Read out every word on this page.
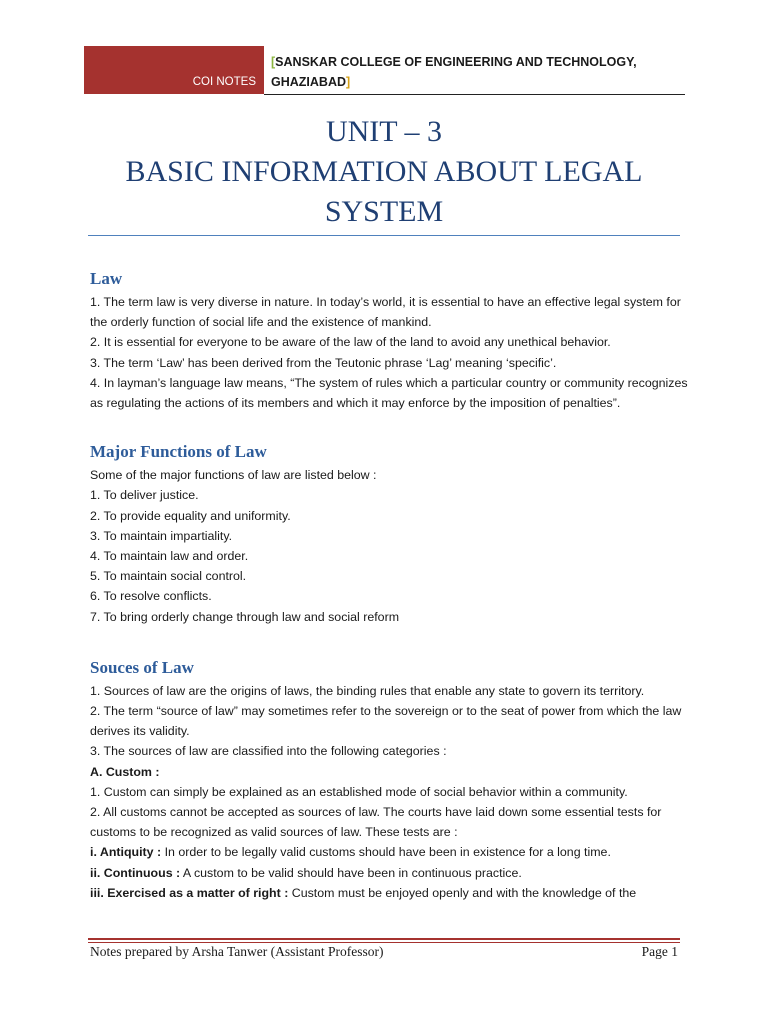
COI NOTES
[SANSKAR COLLEGE OF ENGINEERING AND TECHNOLOGY,
GHAZIABAD]
UNIT – 3
BASIC INFORMATION ABOUT LEGAL
SYSTEM
Law

1. The term law is very diverse in nature. In today’s world, it is essential to have an effective legal system for the orderly function of social life and the existence of mankind.

2. It is essential for everyone to be aware of the law of the land to avoid any unethical behavior.

3. The term ‘Law’ has been derived from the Teutonic phrase ‘Lag’ meaning ‘specific’.

4. In layman’s language law means, “The system of rules which a particular country or community recognizes as regulating the actions of its members and which it may enforce by the imposition of penalties”.

Major Functions of Law

Some of the major functions of law are listed below :

1. To deliver justice.

2. To provide equality and uniformity.

3. To maintain impartiality.

4. To maintain law and order.

5. To maintain social control.

6. To resolve conflicts.

7. To bring orderly change through law and social reform

Souces of Law

1. Sources of law are the origins of laws, the binding rules that enable any state to govern its territory.

2. The term “source of law” may sometimes refer to the sovereign or to the seat of power from which the law derives its validity.

3. The sources of law are classified into the following categories :

A. Custom :

1. Custom can simply be explained as an established mode of social behavior within a community.

2. All customs cannot be accepted as sources of law. The courts have laid down some essential tests for customs to be recognized as valid sources of law. These tests are :

i. Antiquity : In order to be legally valid customs should have been in existence for a long time.

ii. Continuous : A custom to be valid should have been in continuous practice.

iii. Exercised as a matter of right : Custom must be enjoyed openly and with the knowledge of the

Notes prepared by Arsha Tanwer (Assistant Professor)	Page 1
